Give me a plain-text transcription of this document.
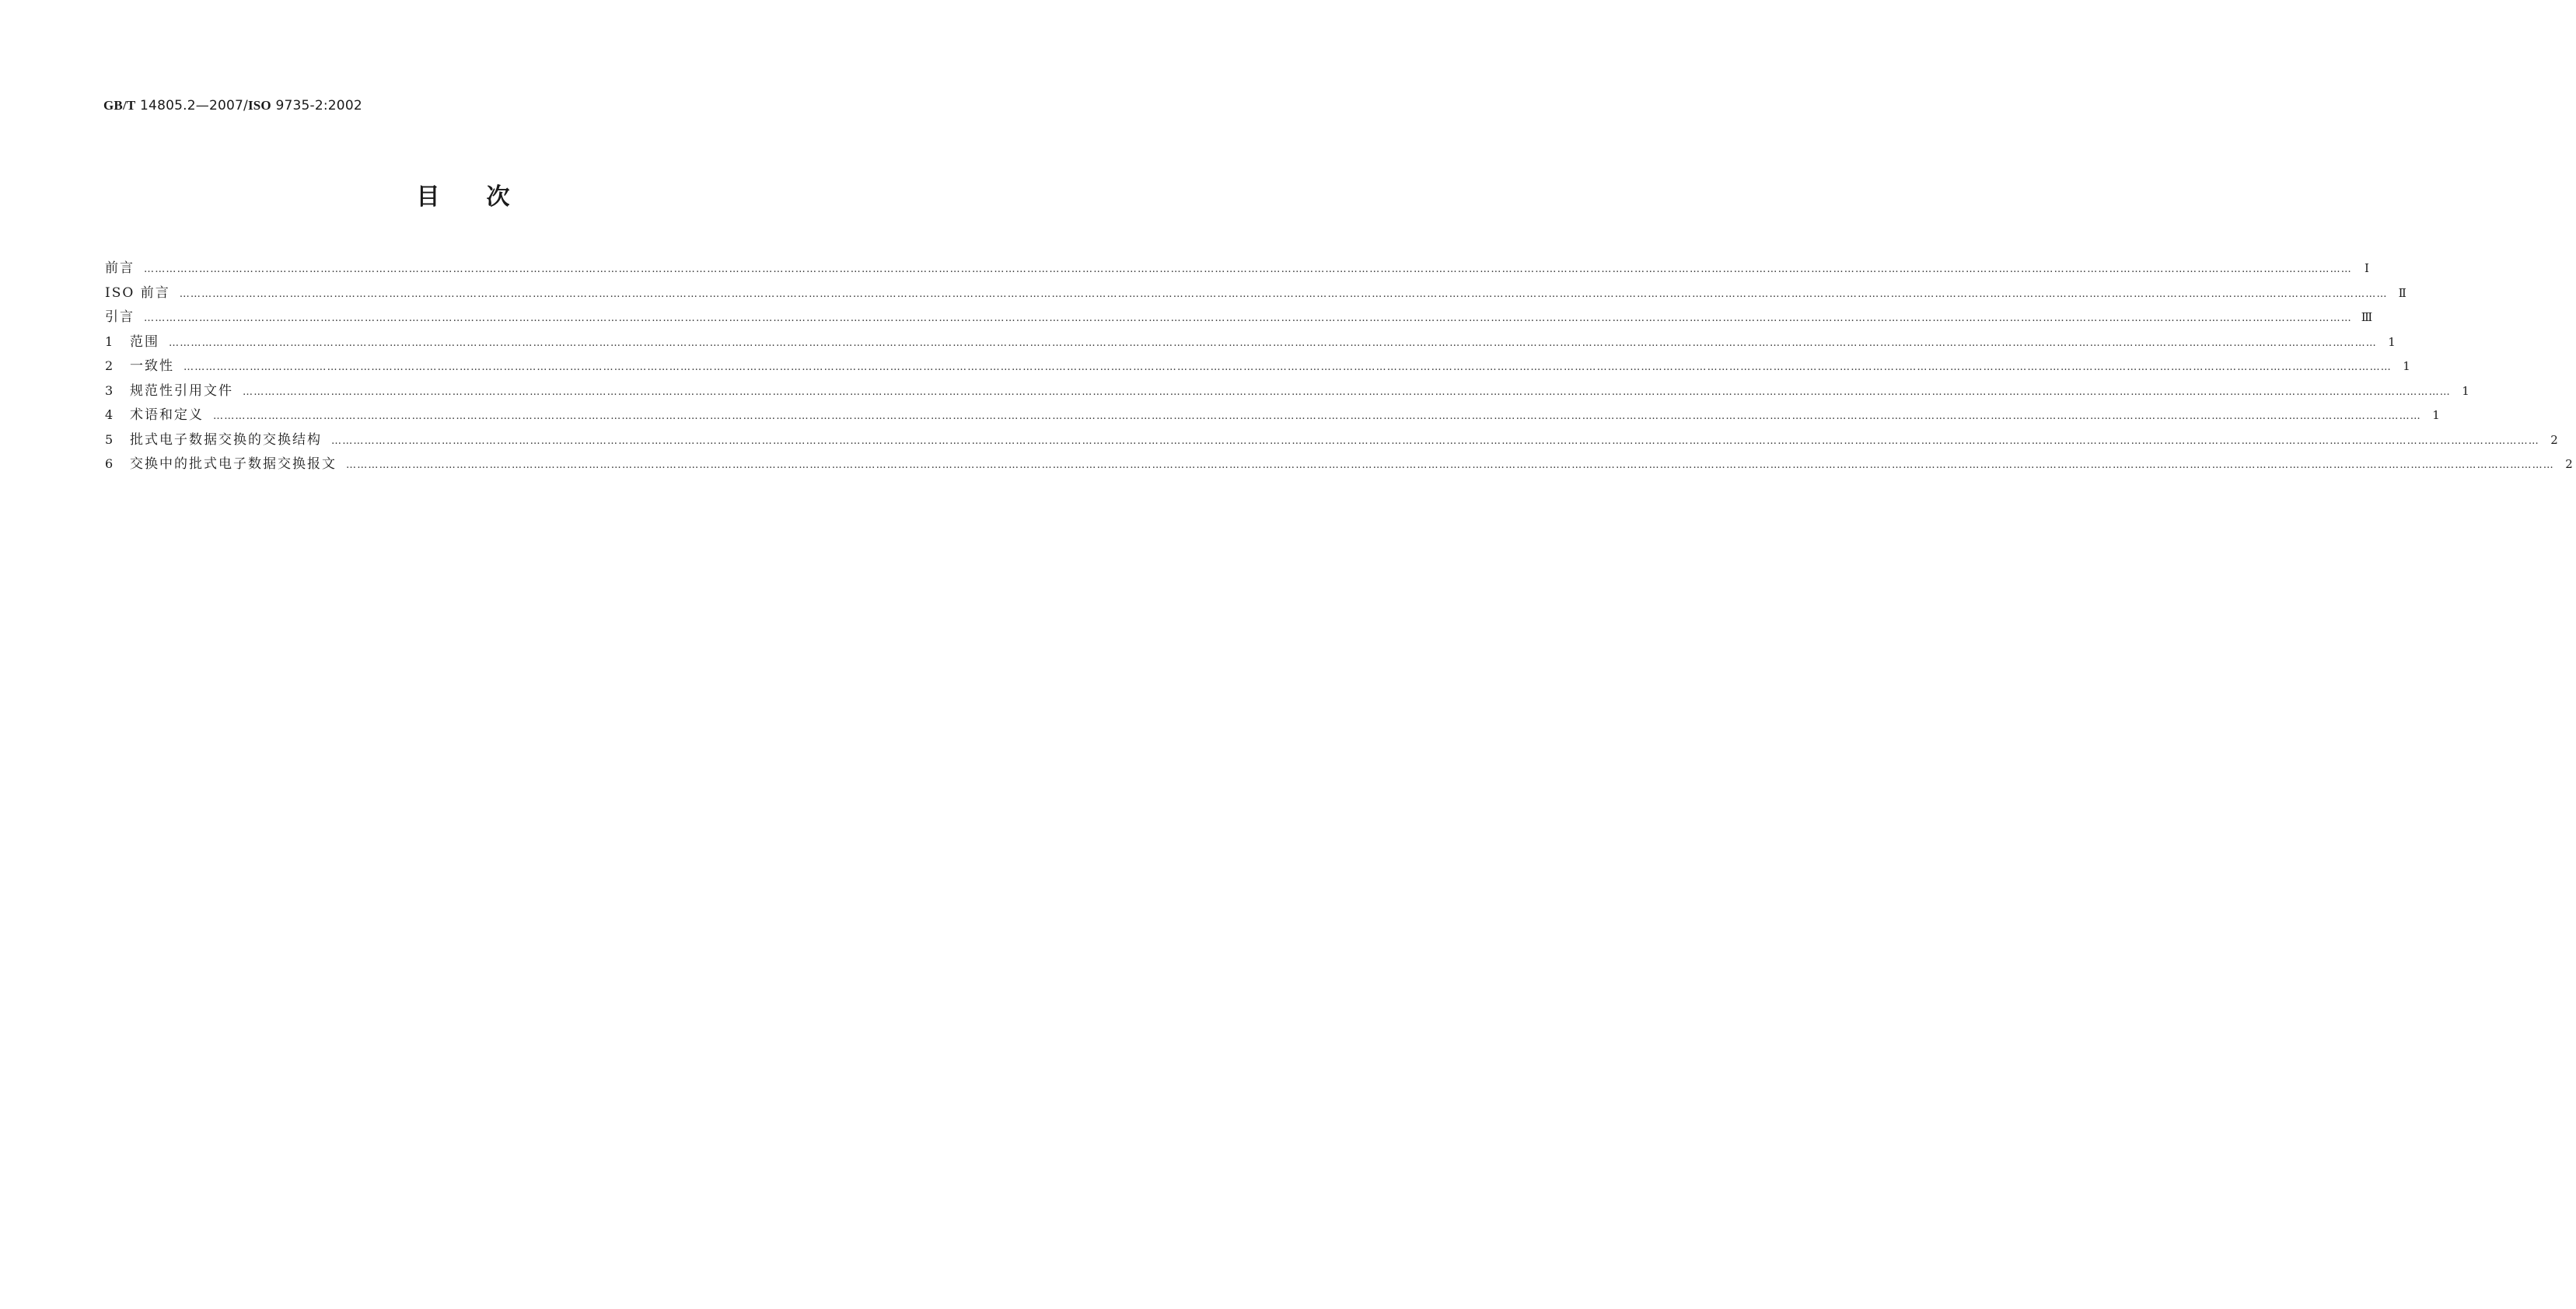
GB/T 14805.2—2007/ISO 9735-2:2002
目次
前言 ……………………………………………………………………………………………………………………………………………………………………………………………………………………………………………………………………………………………………………………………………………………………………………………………………………………………………………………………………………………………………………………………………………………	Ⅰ
ISO 前言 …………………………………………………………………………………………………………………………………………………………………………………………………………………………………………………………………………………………………………………………………………………………………………………………………………………………………………………………………………………………………………………………………………………… Ⅱ
引言 …………………………………………………………………………………………………………………………………………………………………………………………………………………………………………………………………………………………………………………………………………………………………………………………………………………………………………………………………………………………………………………………………………………… Ⅲ
1	范围 …………………………………………………………………………………………………………………………………………………………………………………………………………………………………………………………………………………………………………………………………………………………………………………………………………………………………………………………………………………………………………………………………………………… 1
2	一致性 …………………………………………………………………………………………………………………………………………………………………………………………………………………………………………………………………………………………………………………………………………………………………………………………………………………………………………………………………………………………………………………………………………………… 1
3	规范性引用文件 …………………………………………………………………………………………………………………………………………………………………………………………………………………………………………………………………………………………………………………………………………………………………………………………………………………………………………………………………………………………………………………………………………………… 1
4	术语和定义 …………………………………………………………………………………………………………………………………………………………………………………………………………………………………………………………………………………………………………………………………………………………………………………………………………………………………………………………………………………………………………………………………………………… 1
5	批式电子数据交换的交换结构 …………………………………………………………………………………………………………………………………………………………………………………………………………………………………………………………………………………………………………………………………………………………………………………………………………………………………………………………………………………………………………………………………………………… 2
6	交换中的批式电子数据交换报文 …………………………………………………………………………………………………………………………………………………………………………………………………………………………………………………………………………………………………………………………………………………………………………………………………………………………………………………………………………………………………………………………………………………… 2
